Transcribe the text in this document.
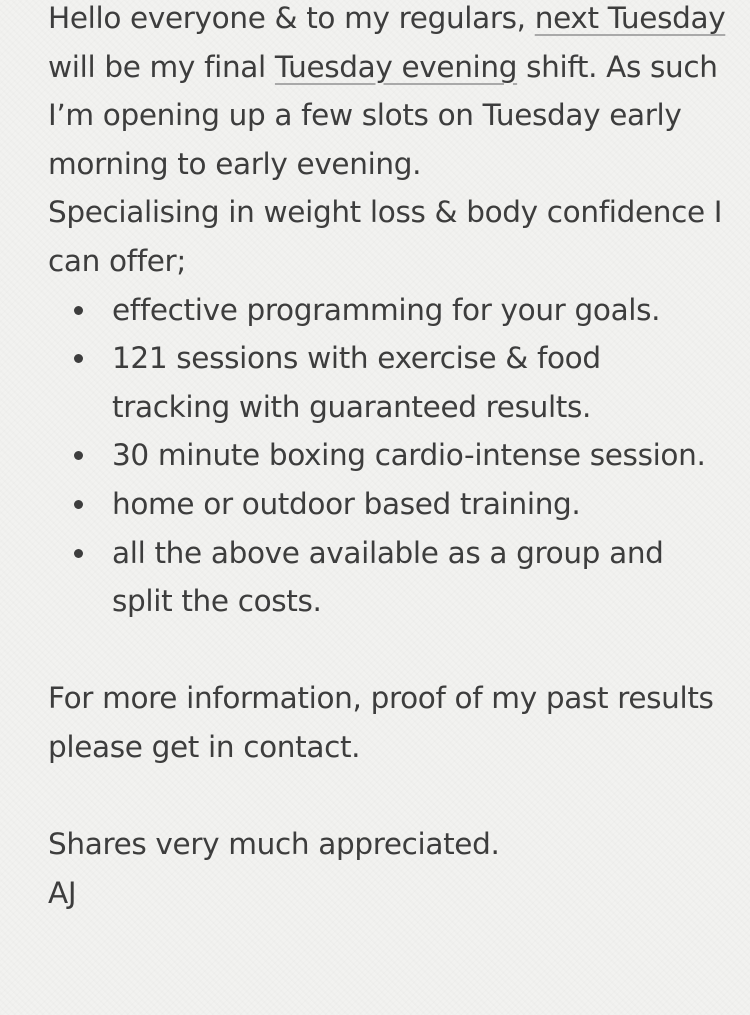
Hello everyone & to my regulars, next Tuesday will be my final Tuesday evening shift. As such I’m opening up a few slots on Tuesday early morning to early evening.

Specialising in weight loss & body confidence I can offer;

effective programming for your goals.
121 sessions with exercise & food tracking with guaranteed results.
30 minute boxing cardio-intense session.
home or outdoor based training.
all the above available as a group and split the costs.

For more information, proof of my past results please get in contact.

Shares very much appreciated.

AJ
